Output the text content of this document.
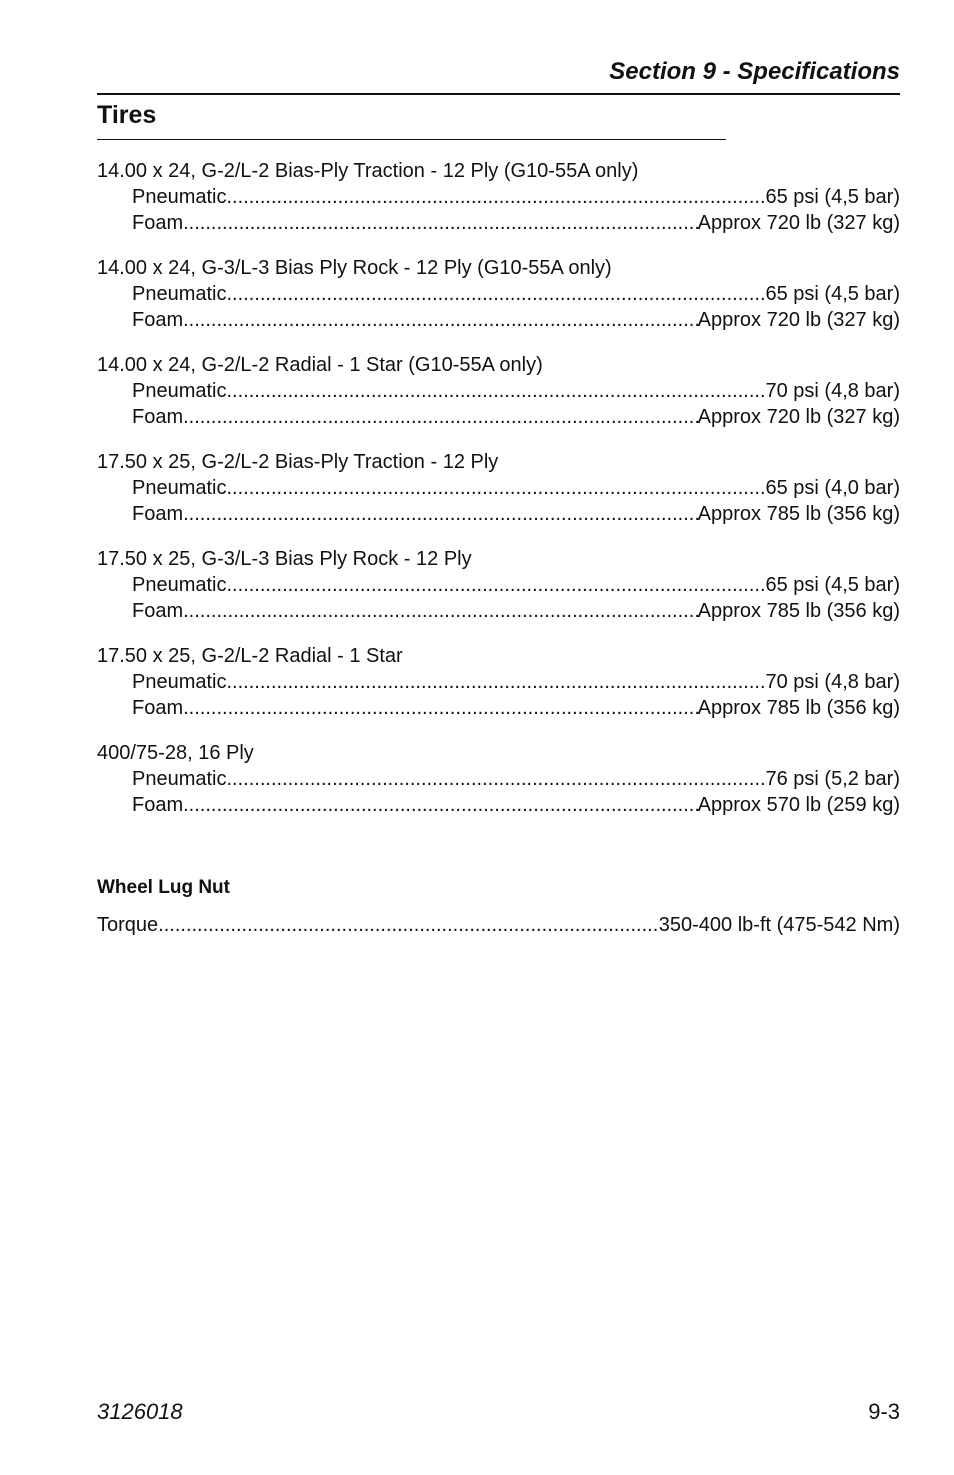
Section 9 - Specifications
Tires
14.00 x 24, G-2/L-2 Bias-Ply Traction - 12 Ply (G10-55A only)
Pneumatic .....	65 psi (4,5 bar)
Foam .....	Approx 720 lb (327 kg)
14.00 x 24, G-3/L-3 Bias Ply Rock - 12 Ply (G10-55A only)
Pneumatic .....	65 psi (4,5 bar)
Foam .....	Approx 720 lb (327 kg)
14.00 x 24, G-2/L-2 Radial - 1 Star (G10-55A only)
Pneumatic .....	70 psi (4,8 bar)
Foam .....	Approx 720 lb (327 kg)
17.50 x 25, G-2/L-2 Bias-Ply Traction - 12 Ply
Pneumatic .....	65 psi (4,0 bar)
Foam .....	Approx 785 lb (356 kg)
17.50 x 25, G-3/L-3 Bias Ply Rock - 12 Ply
Pneumatic .....	65 psi (4,5 bar)
Foam .....	Approx 785 lb (356 kg)
17.50 x 25, G-2/L-2 Radial - 1 Star
Pneumatic .....	70 psi (4,8 bar)
Foam .....	Approx 785 lb (356 kg)
400/75-28, 16 Ply
Pneumatic .....	76 psi (5,2 bar)
Foam .....	Approx 570 lb (259 kg)
Wheel Lug Nut
Torque .....	350-400 lb-ft (475-542 Nm)
3126018	9-3
